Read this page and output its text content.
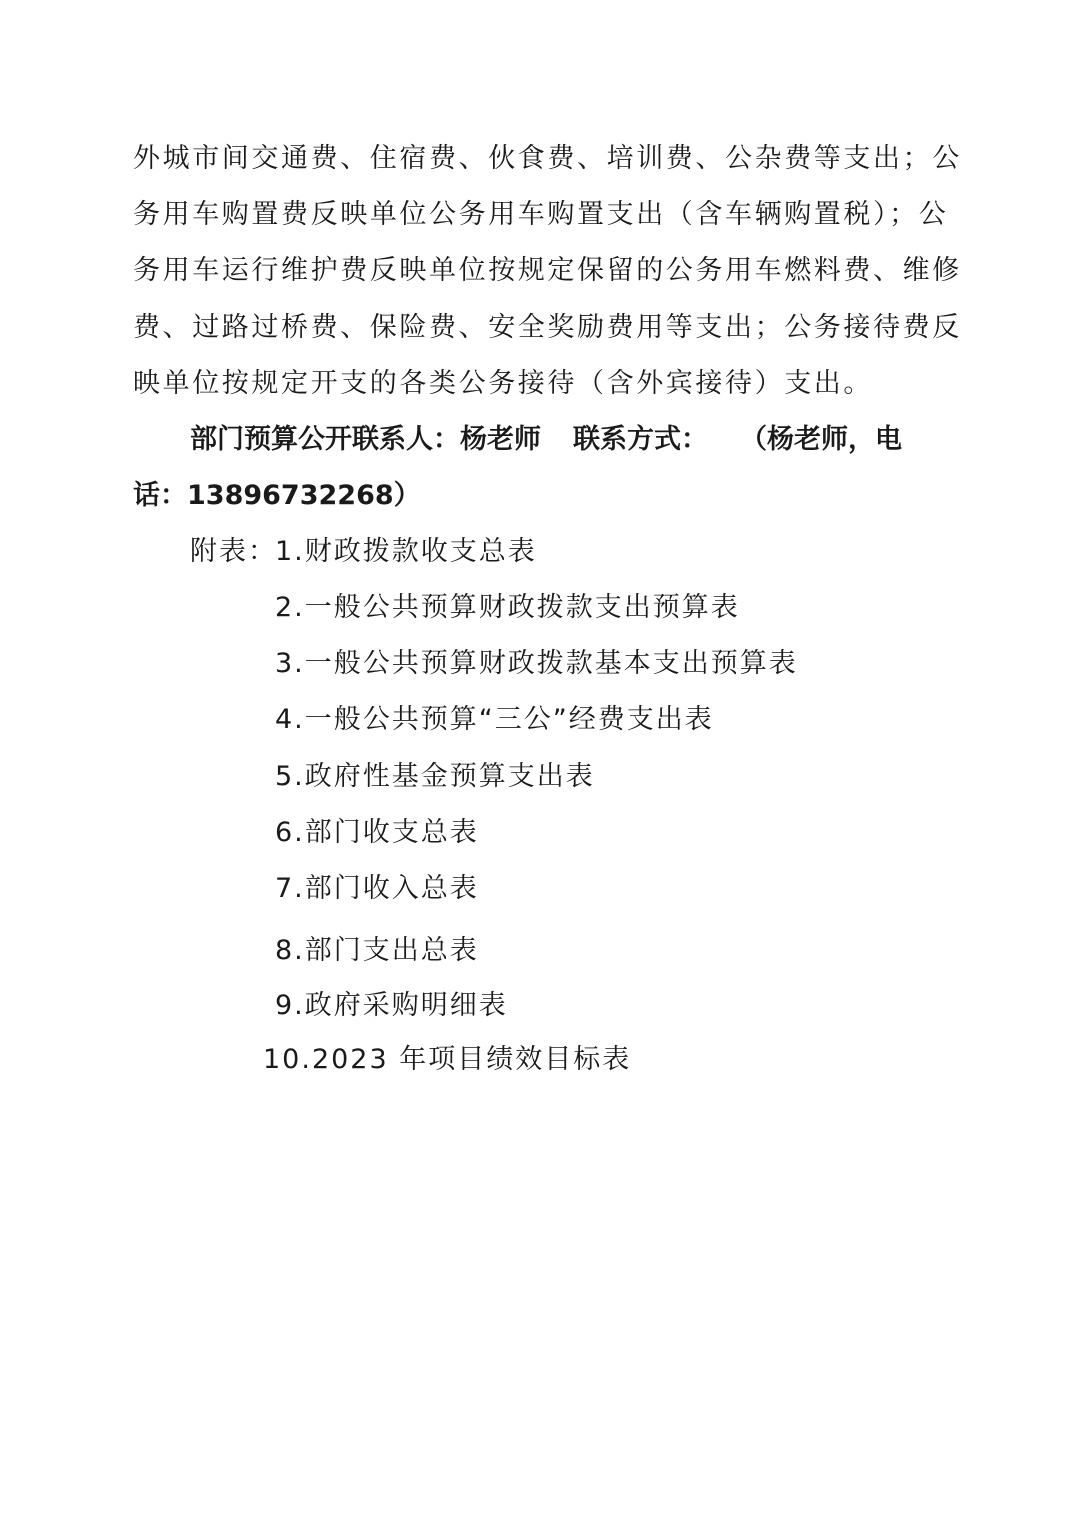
外城市间交通费、住宿费、伙食费、培训费、公杂费等支出；公
务用车购置费反映单位公务用车购置支出（含车辆购置税）；公
务用车运行维护费反映单位按规定保留的公务用车燃料费、维修
费、过路过桥费、保险费、安全奖励费用等支出；公务接待费反
映单位按规定开支的各类公务接待（含外宾接待）支出。
部门预算公开联系人：杨老师 联系方式： （杨老师，电
话：13896732268）
附表：
1.财政拨款收支总表
2.一般公共预算财政拨款支出预算表
3.一般公共预算财政拨款基本支出预算表
4.一般公共预算“三公”经费支出表
5.政府性基金预算支出表
6.部门收支总表
7.部门收入总表
8.部门支出总表
9.政府采购明细表
10.2023 年项目绩效目标表
